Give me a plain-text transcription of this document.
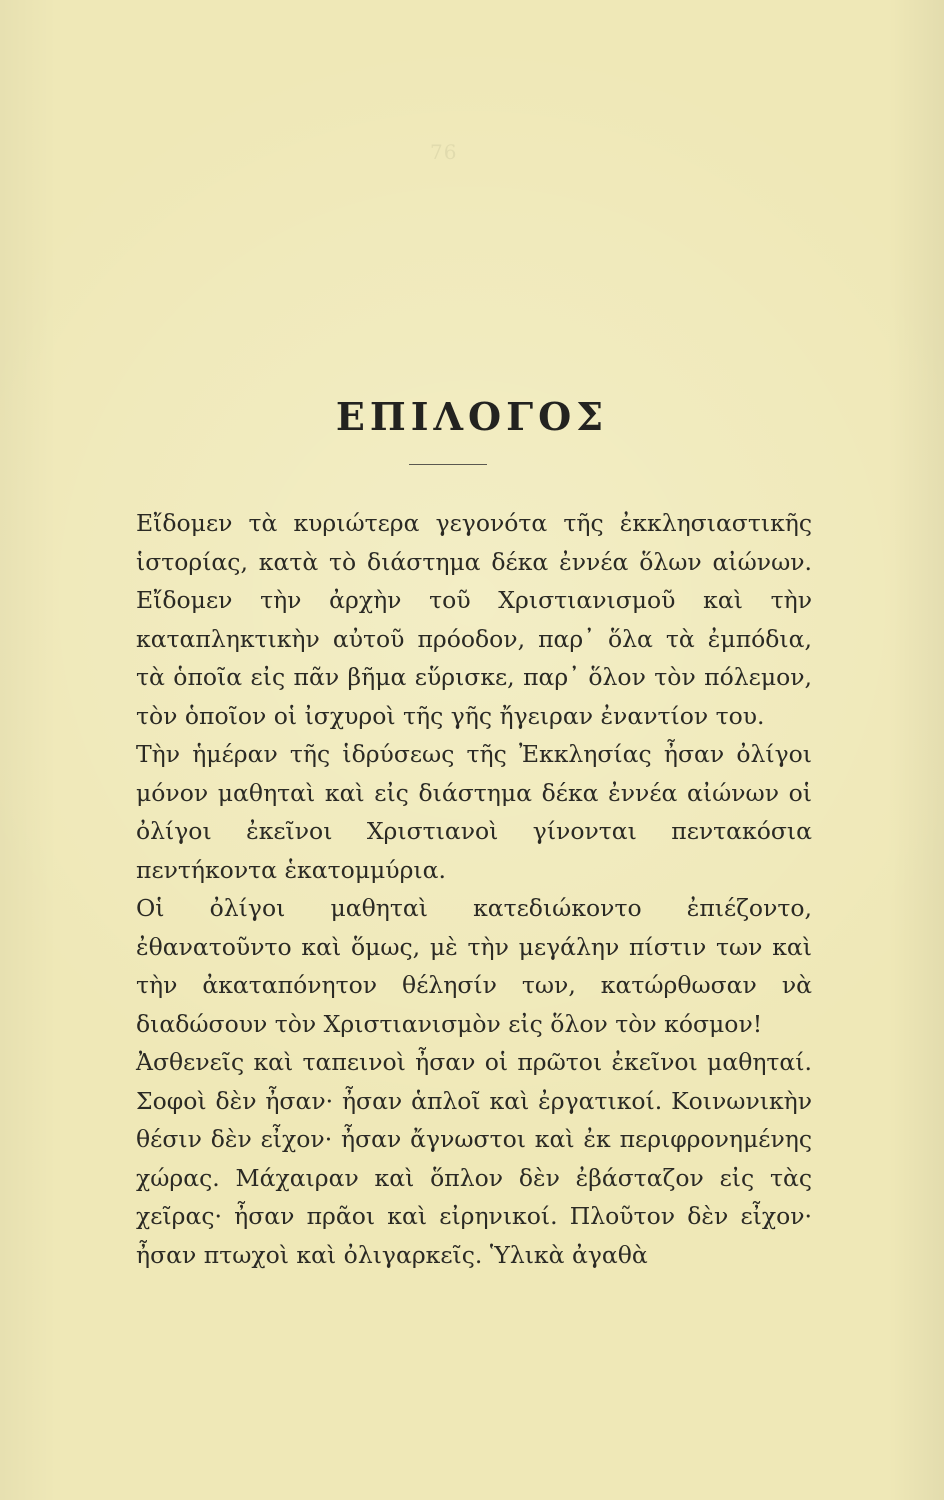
76
ΕΠΙΛΟΓΟΣ

Εἴδομεν τὰ κυριώτερα γεγονότα τῆς ἐκκλησιαστικῆς ἱστορίας, κατὰ τὸ διάστημα δέκα ἐννέα ὅλων αἰώνων. Εἴδομεν τὴν ἀρχὴν τοῦ Χριστιανισμοῦ καὶ τὴν καταπληκτικὴν αὐτοῦ πρόοδον, παρ᾽ ὅλα τὰ ἐμπόδια, τὰ ὁποῖα εἰς πᾶν βῆμα εὕρισκε, παρ᾽ ὅλον τὸν πόλεμον, τὸν ὁποῖον οἱ ἰσχυροὶ τῆς γῆς ἤγειραν ἐναντίον του.

Τὴν ἡμέραν τῆς ἱδρύσεως τῆς Ἐκκλησίας ἦσαν ὀλίγοι μόνον μαθηταὶ καὶ εἰς διάστημα δέκα ἐννέα αἰώνων οἱ ὀλίγοι ἐκεῖνοι Χριστιανοὶ γίνονται πεντακόσια πεντήκοντα ἑκατομμύρια.

Οἱ ὀλίγοι μαθηταὶ κατεδιώκοντο ἐπιέζοντο, ἐθανατοῦντο καὶ ὅμως, μὲ τὴν μεγάλην πίστιν των καὶ τὴν ἀκαταπόνητον θέλησίν των, κατώρθωσαν νὰ διαδώσουν τὸν Χριστιανισμὸν εἰς ὅλον τὸν κόσμον!

Ἀσθενεῖς καὶ ταπεινοὶ ἦσαν οἱ πρῶτοι ἐκεῖνοι μαθηταί. Σοφοὶ δὲν ἦσαν· ἦσαν ἁπλοῖ καὶ ἐργατικοί. Κοινωνικὴν θέσιν δὲν εἶχον· ἦσαν ἄγνωστοι καὶ ἐκ περιφρονημένης χώρας. Μάχαιραν καὶ ὅπλον δὲν ἐβάσταζον εἰς τὰς χεῖρας· ἦσαν πρᾶοι καὶ εἰρηνικοί. Πλοῦτον δὲν εἶχον· ἦσαν πτωχοὶ καὶ ὀλιγαρκεῖς. Ὑλικὰ ἀγαθὰ
